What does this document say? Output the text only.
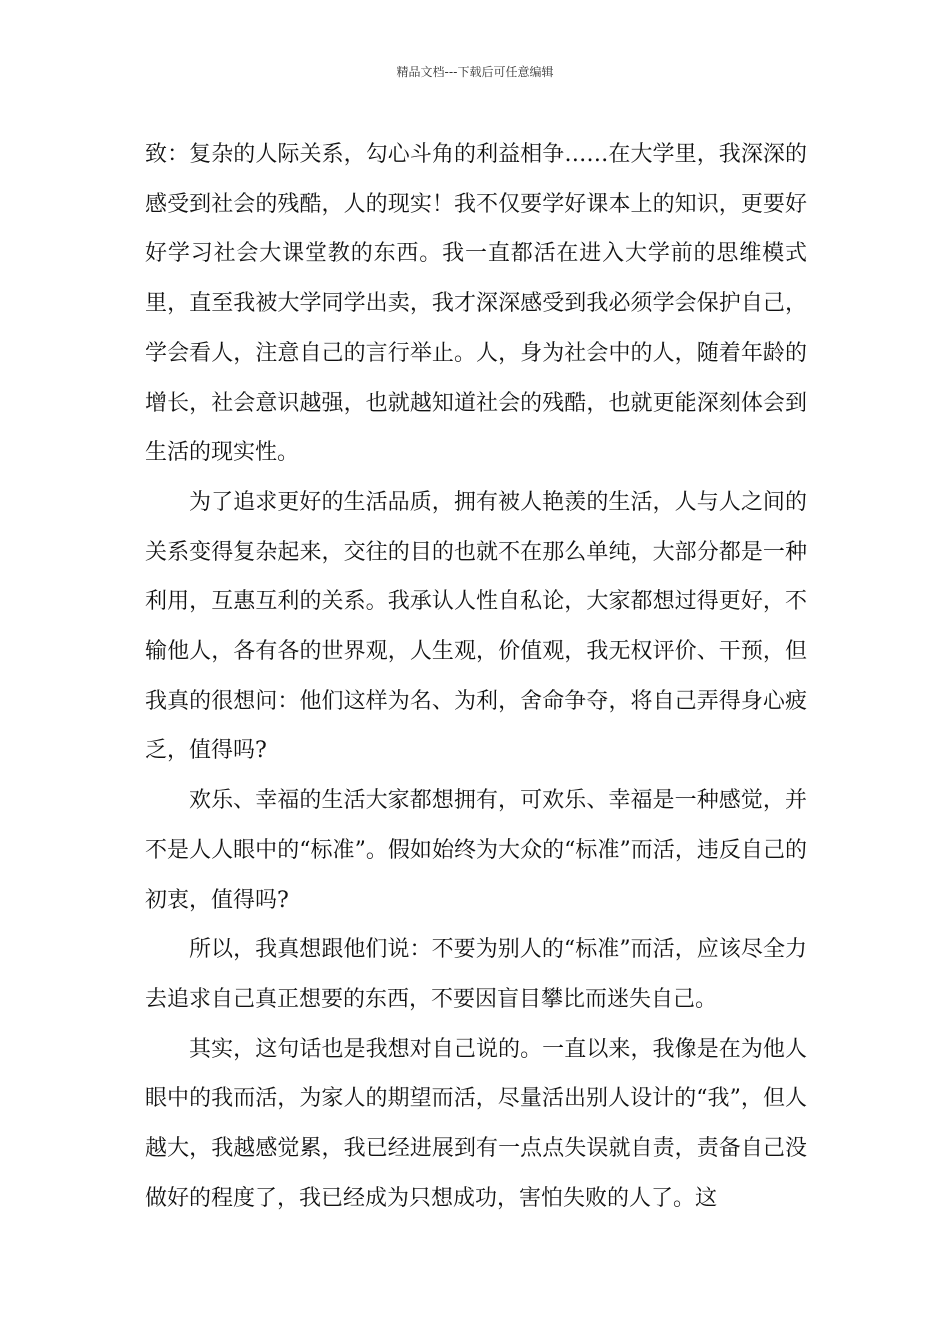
精品文档---下载后可任意编辑

致：复杂的人际关系，勾心斗角的利益相争……在大学里，我深深的感受到社会的残酷，人的现实！我不仅要学好课本上的知识，更要好好学习社会大课堂教的东西。我一直都活在进入大学前的思维模式里，直至我被大学同学出卖，我才深深感受到我必须学会保护自己，学会看人，注意自己的言行举止。人，身为社会中的人，随着年龄的增长，社会意识越强，也就越知道社会的残酷，也就更能深刻体会到生活的现实性。

为了追求更好的生活品质，拥有被人艳羡的生活，人与人之间的关系变得复杂起来，交往的目的也就不在那么单纯，大部分都是一种利用，互惠互利的关系。我承认人性自私论，大家都想过得更好，不输他人，各有各的世界观，人生观，价值观，我无权评价、干预，但我真的很想问：他们这样为名、为利，舍命争夺，将自己弄得身心疲乏，值得吗?

欢乐、幸福的生活大家都想拥有，可欢乐、幸福是一种感觉，并不是人人眼中的“标准”。假如始终为大众的“标准”而活，违反自己的初衷，值得吗?

所以，我真想跟他们说：不要为别人的“标准”而活，应该尽全力去追求自己真正想要的东西，不要因盲目攀比而迷失自己。

其实，这句话也是我想对自己说的。一直以来，我像是在为他人眼中的我而活，为家人的期望而活，尽量活出别人设计的“我”，但人越大，我越感觉累，我已经进展到有一点点失误就自责，责备自己没做好的程度了，我已经成为只想成功，害怕失败的人了。这
